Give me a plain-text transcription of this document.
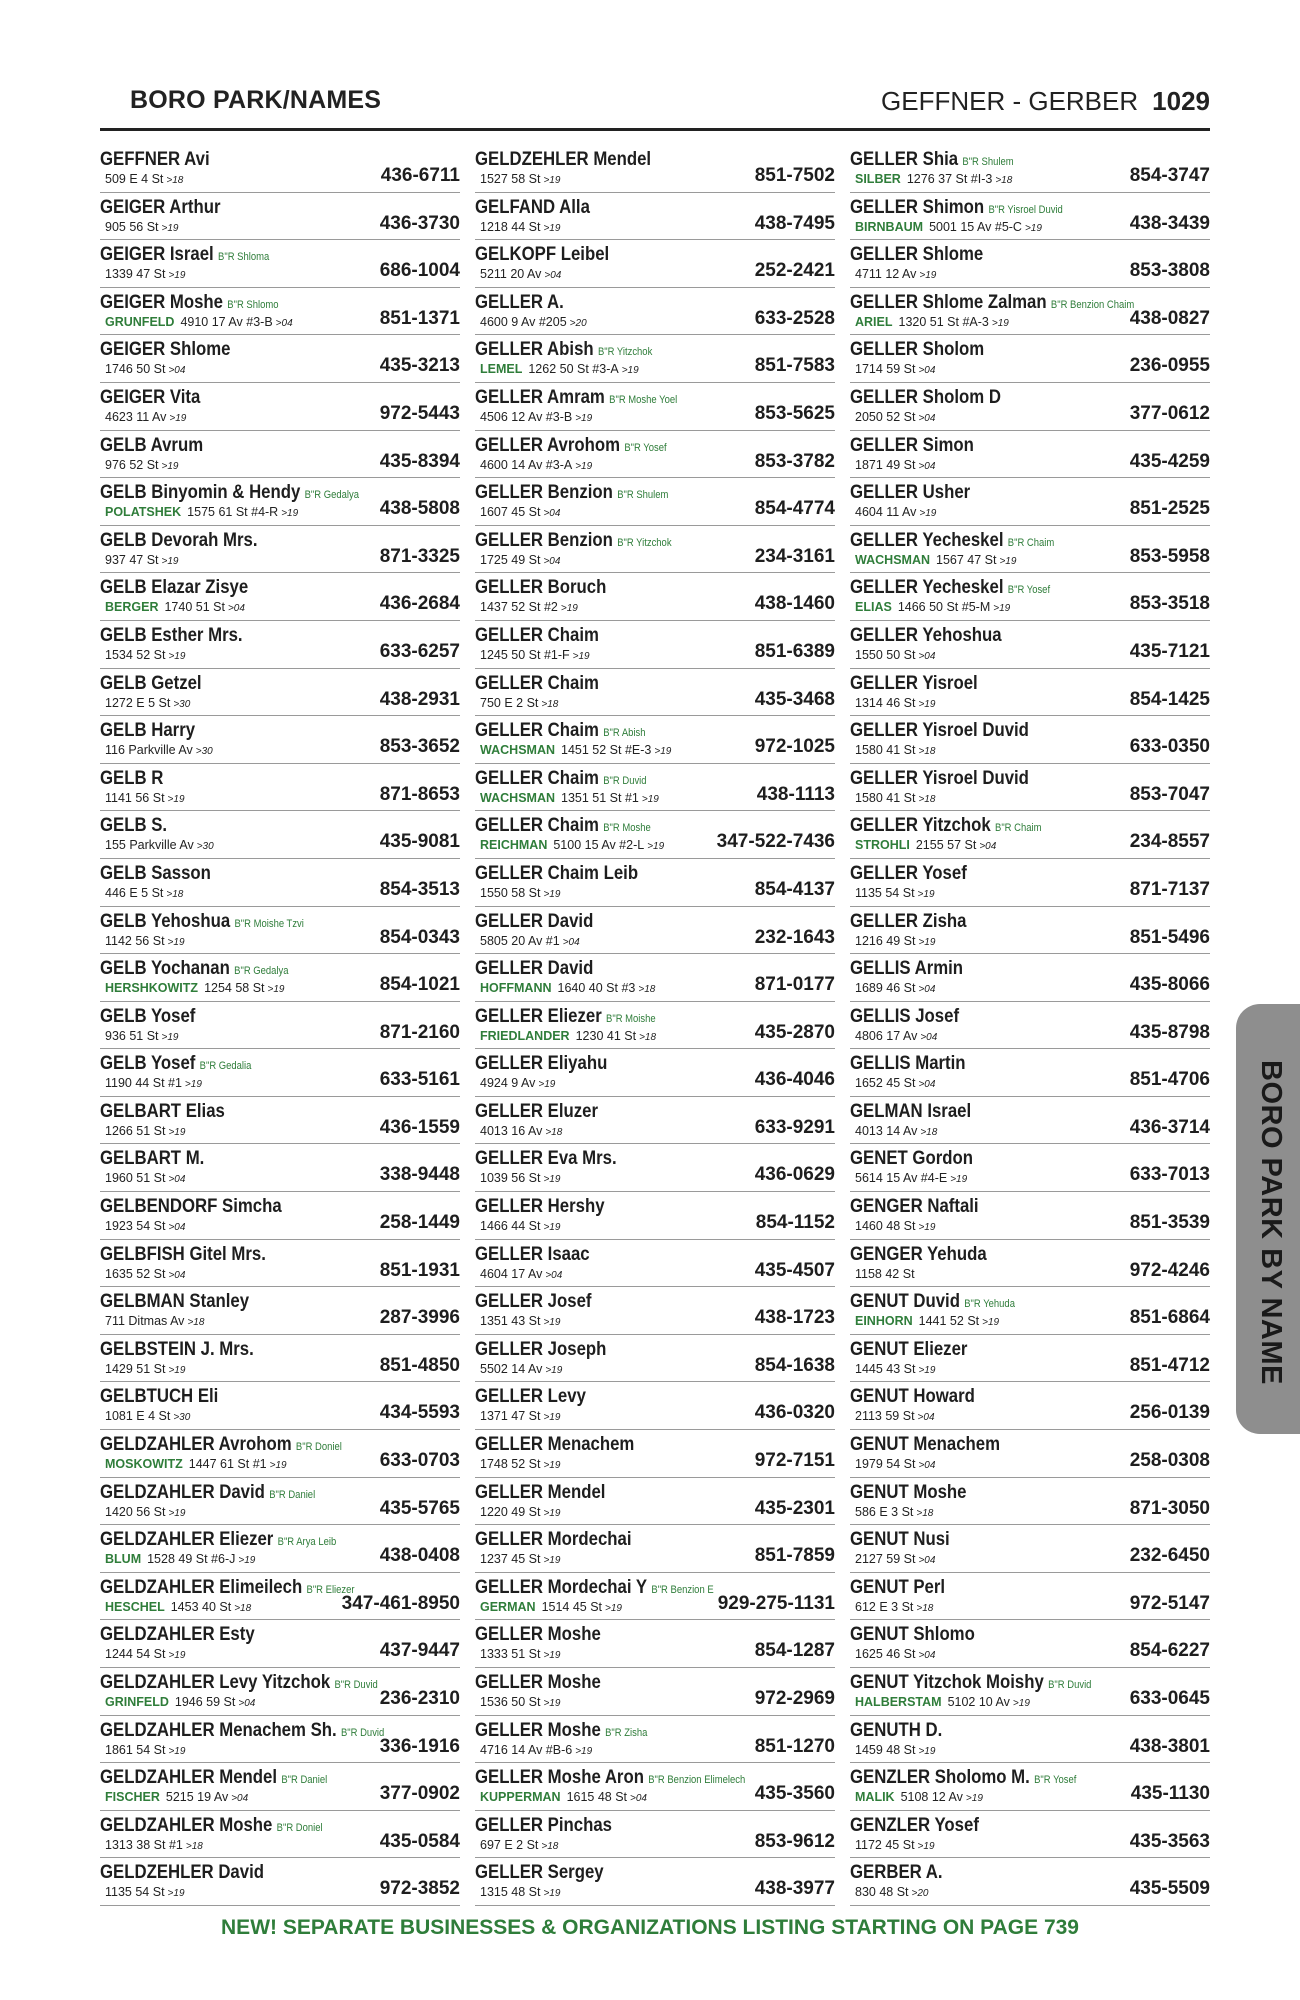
BORO PARK/NAMES	GEFFNER - GERBER 1029
GEFFNER Avi
509 E 4 St >18	436-6711
GEIGER Arthur
905 56 St >19	436-3730
GEIGER Israel B"R Shloma
1339 47 St >19	686-1004
GEIGER Moshe B"R Shlomo
GRUNFELD 4910 17 Av #3-B >04	851-1371
GEIGER Shlome
1746 50 St >04	435-3213
GEIGER Vita
4623 11 Av >19	972-5443
GELB Avrum
976 52 St >19	435-8394
GELB Binyomin & Hendy B"R Gedalya
POLATSHEK 1575 61 St #4-R >19	438-5808
GELB Devorah Mrs.
937 47 St >19	871-3325
GELB Elazar Zisye
BERGER 1740 51 St >04	436-2684
GELB Esther Mrs.
1534 52 St >19	633-6257
GELB Getzel
1272 E 5 St >30	438-2931
GELB Harry
116 Parkville Av >30	853-3652
GELB R
1141 56 St >19	871-8653
GELB S.
155 Parkville Av >30	435-9081
GELB Sasson
446 E 5 St >18	854-3513
GELB Yehoshua B"R Moishe Tzvi
1142 56 St >19	854-0343
GELB Yochanan B"R Gedalya
HERSHKOWITZ 1254 58 St >19	854-1021
GELB Yosef
936 51 St >19	871-2160
GELB Yosef B"R Gedalia
1190 44 St #1 >19	633-5161
GELBART Elias
1266 51 St >19	436-1559
GELBART M.
1960 51 St >04	338-9448
GELBENDORF Simcha
1923 54 St >04	258-1449
GELBFISH Gitel Mrs.
1635 52 St >04	851-1931
GELBMAN Stanley
711 Ditmas Av >18	287-3996
GELBSTEIN J. Mrs.
1429 51 St >19	851-4850
GELBTUCH Eli
1081 E 4 St >30	434-5593
GELDZAHLER Avrohom B"R Doniel
MOSKOWITZ 1447 61 St #1 >19	633-0703
GELDZAHLER David B"R Daniel
1420 56 St >19	435-5765
GELDZAHLER Eliezer B"R Arya Leib
BLUM 1528 49 St #6-J >19	438-0408
GELDZAHLER Elimeilech B"R Eliezer
HESCHEL 1453 40 St >18	347-461-8950
GELDZAHLER Esty
1244 54 St >19	437-9447
GELDZAHLER Levy Yitzchok B"R Duvid
GRINFELD 1946 59 St >04	236-2310
GELDZAHLER Menachem Sh. B"R Duvid
1861 54 St >19	336-1916
GELDZAHLER Mendel B"R Daniel
FISCHER 5215 19 Av >04	377-0902
GELDZAHLER Moshe B"R Doniel
1313 38 St #1 >18	435-0584
GELDZEHLER David
1135 54 St >19	972-3852
GELDZEHLER Mendel
1527 58 St >19	851-7502
GELFAND Alla
1218 44 St >19	438-7495
GELKOPF Leibel
5211 20 Av >04	252-2421
GELLER A.
4600 9 Av #205 >20	633-2528
GELLER Abish B"R Yitzchok
LEMEL 1262 50 St #3-A >19	851-7583
GELLER Amram B"R Moshe Yoel
4506 12 Av #3-B >19	853-5625
GELLER Avrohom B"R Yosef
4600 14 Av #3-A >19	853-3782
GELLER Benzion B"R Shulem
1607 45 St >04	854-4774
GELLER Benzion B"R Yitzchok
1725 49 St >04	234-3161
GELLER Boruch
1437 52 St #2 >19	438-1460
GELLER Chaim
1245 50 St #1-F >19	851-6389
GELLER Chaim
750 E 2 St >18	435-3468
GELLER Chaim B"R Abish
WACHSMAN 1451 52 St #E-3 >19	972-1025
GELLER Chaim B"R Duvid
WACHSMAN 1351 51 St #1 >19	438-1113
GELLER Chaim B"R Moshe
REICHMAN 5100 15 Av #2-L >19	347-522-7436
GELLER Chaim Leib
1550 58 St >19	854-4137
GELLER David
5805 20 Av #1 >04	232-1643
GELLER David
HOFFMANN 1640 40 St #3 >18	871-0177
GELLER Eliezer B"R Moishe
FRIEDLANDER 1230 41 St >18	435-2870
GELLER Eliyahu
4924 9 Av >19	436-4046
GELLER Eluzer
4013 16 Av >18	633-9291
GELLER Eva Mrs.
1039 56 St >19	436-0629
GELLER Hershy
1466 44 St >19	854-1152
GELLER Isaac
4604 17 Av >04	435-4507
GELLER Josef
1351 43 St >19	438-1723
GELLER Joseph
5502 14 Av >19	854-1638
GELLER Levy
1371 47 St >19	436-0320
GELLER Menachem
1748 52 St >19	972-7151
GELLER Mendel
1220 49 St >19	435-2301
GELLER Mordechai
1237 45 St >19	851-7859
GELLER Mordechai Y B"R Benzion E
GERMAN 1514 45 St >19	929-275-1131
GELLER Moshe
1333 51 St >19	854-1287
GELLER Moshe
1536 50 St >19	972-2969
GELLER Moshe B"R Zisha
4716 14 Av #B-6 >19	851-1270
GELLER Moshe Aron B"R Benzion Elimelech
KUPPERMAN 1615 48 St >04	435-3560
GELLER Pinchas
697 E 2 St >18	853-9612
GELLER Sergey
1315 48 St >19	438-3977
GELLER Shia B"R Shulem
SILBER 1276 37 St #I-3 >18	854-3747
GELLER Shimon B"R Yisroel Duvid
BIRNBAUM 5001 15 Av #5-C >19	438-3439
GELLER Shlome
4711 12 Av >19	853-3808
GELLER Shlome Zalman B"R Benzion Chaim
ARIEL 1320 51 St #A-3 >19	438-0827
GELLER Sholom
1714 59 St >04	236-0955
GELLER Sholom D
2050 52 St >04	377-0612
GELLER Simon
1871 49 St >04	435-4259
GELLER Usher
4604 11 Av >19	851-2525
GELLER Yecheskel B"R Chaim
WACHSMAN 1567 47 St >19	853-5958
GELLER Yecheskel B"R Yosef
ELIAS 1466 50 St #5-M >19	853-3518
GELLER Yehoshua
1550 50 St >04	435-7121
GELLER Yisroel
1314 46 St >19	854-1425
GELLER Yisroel Duvid
1580 41 St >18	633-0350
GELLER Yisroel Duvid
1580 41 St >18	853-7047
GELLER Yitzchok B"R Chaim
STROHLI 2155 57 St >04	234-8557
GELLER Yosef
1135 54 St >19	871-7137
GELLER Zisha
1216 49 St >19	851-5496
GELLIS Armin
1689 46 St >04	435-8066
GELLIS Josef
4806 17 Av >04	435-8798
GELLIS Martin
1652 45 St >04	851-4706
GELMAN Israel
4013 14 Av >18	436-3714
GENET Gordon
5614 15 Av #4-E >19	633-7013
GENGER Naftali
1460 48 St >19	851-3539
GENGER Yehuda
1158 42 St	972-4246
GENUT Duvid B"R Yehuda
EINHORN 1441 52 St >19	851-6864
GENUT Eliezer
1445 43 St >19	851-4712
GENUT Howard
2113 59 St >04	256-0139
GENUT Menachem
1979 54 St >04	258-0308
GENUT Moshe
586 E 3 St >18	871-3050
GENUT Nusi
2127 59 St >04	232-6450
GENUT Perl
612 E 3 St >18	972-5147
GENUT Shlomo
1625 46 St >04	854-6227
GENUT Yitzchok Moishy B"R Duvid
HALBERSTAM 5102 10 Av >19	633-0645
GENUTH D.
1459 48 St >19	438-3801
GENZLER Sholomo M. B"R Yosef
MALIK 5108 12 Av >19	435-1130
GENZLER Yosef
1172 45 St >19	435-3563
GERBER A.
830 48 St >20	435-5509
BORO PARK BY NAME
NEW! SEPARATE BUSINESSES & ORGANIZATIONS LISTING STARTING ON PAGE 739
